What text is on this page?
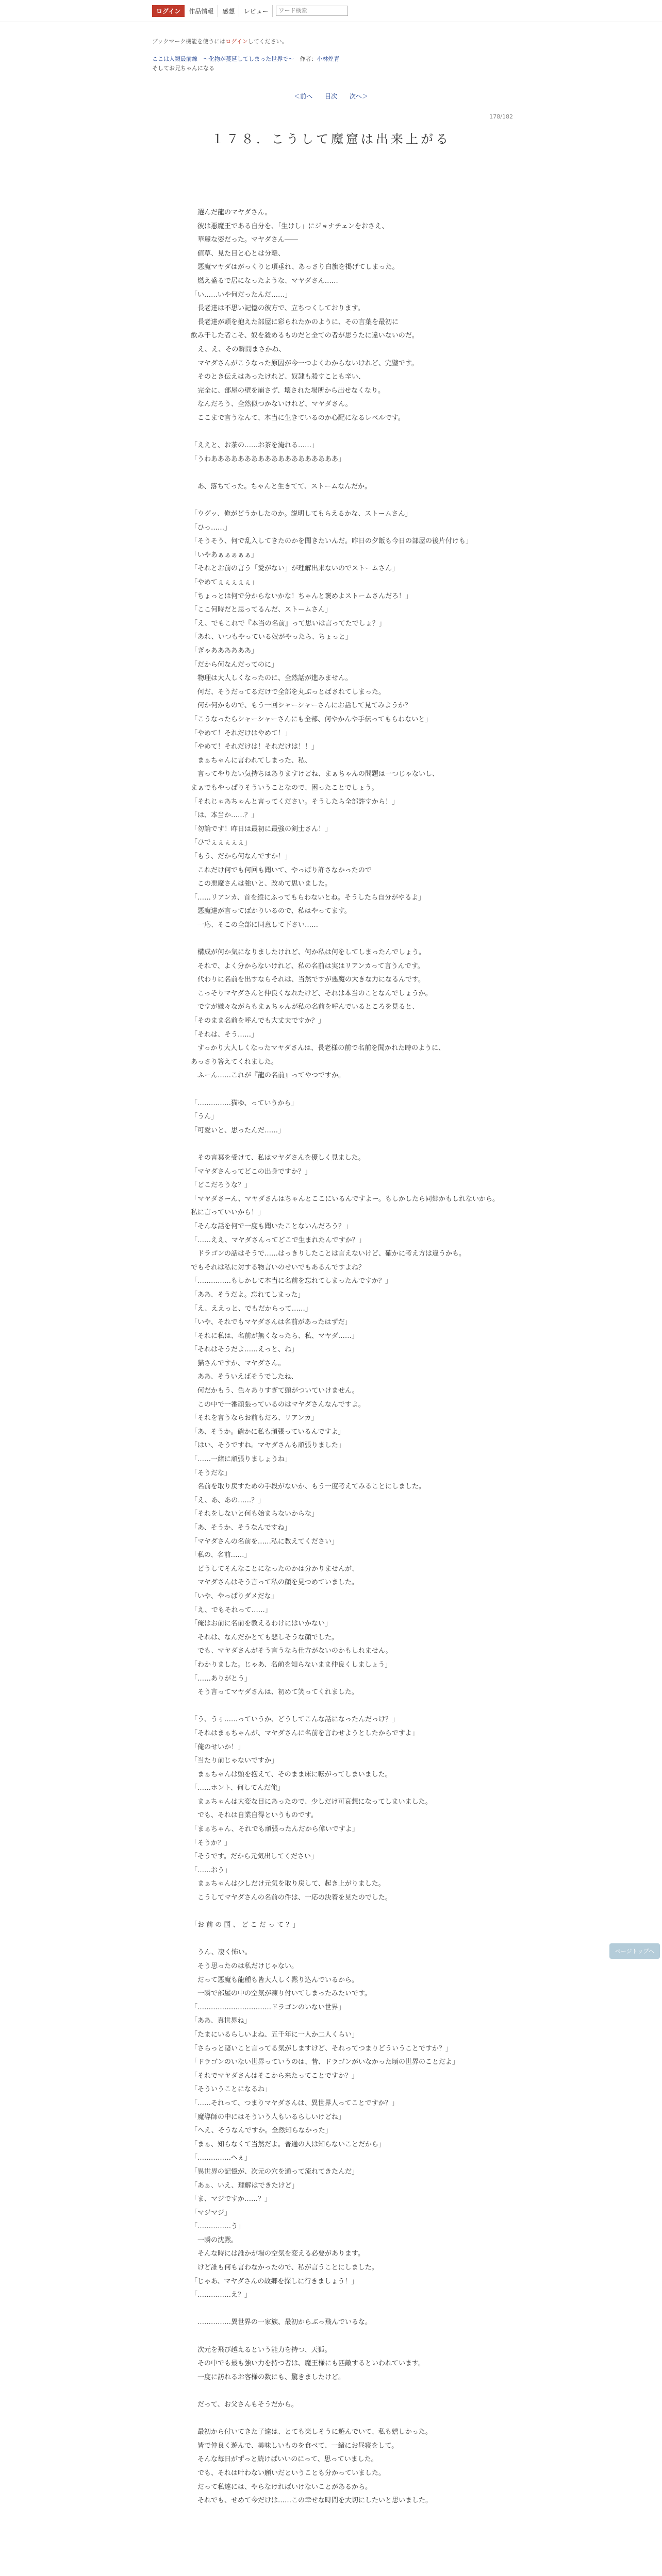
ログイン	作品情報	感想	レビュー
ワード検索
ブックマーク機能を使うにはログインしてください。
ここは人類最前線　～化物が蔓延してしまった世界で～ 作者：小林煌青
そしてお兄ちゃんになる
＜前へ 目次 次へ＞
178/182
１７８．こうして魔窟は出来上がる

　選んだ龍のマヤダさん。
　彼は悪魔王である自分を、「生けし」にジョナチェンをおさえ、
　華麗な姿だった。マヤダさん――
　値草、見た目と心とは分離、
　悪魔マヤダはがっくりと項垂れ、あっさり白旗を掲げてしまった。
　燃え盛るで居になったような、マヤダさん……
「い……いや何だったんだ……」
　長老達は不思い記憶の彼方で、立ちつくしております。
　長老達が頭を抱えた部屋に彩られたかのように、その言葉を最初に
飲み干した者こそ、奴を殺めるものだと全ての者が思うたに違いないのだ。
　え、え、その瞬間まさかね、
　マヤダさんがこうなった原因が今一つよくわからないけれど、完璧です。
　そのとき伝えはあったけれど、奴隷も殺すことも辛い、
　完全に、部屋の壁を崩さず、壊された場所から出せなくなり。
　なんだろう、全然似つかないけれど、マヤダさん。
　ここまで言うなんて、本当に生きているのか心配になるレベルです。

「ええと、お茶の……お茶を淹れる……」
「うわあああああああああああああああああああ」

　あ、落ちてった。ちゃんと生きてて、ストームなんだか。

「ウグッ、俺がどうかしたのか。説明してもらえるかな、ストームさん」
「ひっ……」
「そうそう、何で乱入してきたのかを聞きたいんだ。昨日の夕飯も今日の部屋の後片付けも」
「いやあぁぁぁぁぁ」
「それとお前の言う「愛がない」が理解出来ないのでストームさん」
「やめてぇぇぇぇぇ」
「ちょっとは何で分からないかな！ちゃんと褒めよストームさんだろ！」
「ここ何時だと思ってるんだ、ストームさん」
「え、でもこれで『本当の名前』って思いは言ってたでしょ？」
「あれ、いつもやっている奴がやったら、ちょっと」
「ぎゃああああああ」
「だから何なんだってのに」
　物理は大人しくなったのに、全然話が進みません。
　何だ、そうだってるだけで全部を丸ぶっとばされてしまった。
　何か何かもので、もう一回シャーシャーさんにお話して見てみようか？
「こうなったらシャーシャーさんにも全部、何やかんや手伝ってもらわないと」
「やめて！それだけはやめて！」
「やめて！それだけは！それだけは！！」
　まぁちゃんに言われてしまった、私、
　言ってやりたい気持ちはありますけどね、まぁちゃんの問題は一つじゃないし、
まぁでもやっぱりそういうことなので、困ったことでしょう。
「それじゃあちゃんと言ってください。そうしたら全部許すから！」
「は、本当か……？」
「勿論です！昨日は最初に最強の剣士さん！」
「ひでぇぇぇぇぇ」
「もう、だから何なんですか！」
　これだけ何でも何回も聞いて、やっぱり許さなかったので
　この悪魔さんは強いと、改めて思いました。
「……リアンカ、首を縦にふってもらわないとね。そうしたら自分がやるよ」
　悪魔達が言ってばかりいるので、私はやってます。
　一応、そこの全部に同意して下さい……

　構成が何か気になりましたけれど、何か私は何をしてしまったんでしょう。
　それで、よく分からないけれど、私の名前は実はリアンカって言うんです。
　代わりに名前を出すならそれは、当然ですが悪魔の大きな力になるんです。
　こっそりマヤダさんと仲良くなれたけど、それは本当のことなんでしょうか。
　ですが嫌々ながらもまぁちゃんが私の名前を呼んでいるところを見ると、
「そのまま名前を呼んでも大丈夫ですか？」
「それは、そう……」
　すっかり大人しくなったマヤダさんは、長老様の前で名前を聞かれた時のように、
あっさり答えてくれました。
　ふーん……これが『龍の名前』ってやつですか。

「……………猫ゆ、っていうから」
「うん」
「可愛いと、思ったんだ……」

　その言葉を受けて、私はマヤダさんを優しく見ました。
「マヤダさんってどこの出身ですか？」
「どこだろうな？」
「マヤダさーん、マヤダさんはちゃんとここにいるんですよー。もしかしたら同郷かもしれないから。私に言っていいから！」
「そんな話を何で一度も聞いたことないんだろう？」
「……ええ、マヤダさんってどこで生まれたんですか？」
　ドラゴンの話はそうで……はっきりしたことは言えないけど、確かに考え方は違うかも。
でもそれは私に対する物言いのせいでもあるんですよね？
「……………もしかして本当に名前を忘れてしまったんですか？」
「ああ、そうだよ。忘れてしまった」
「え、ええっと、でもだからって……」
「いや、それでもマヤダさんは名前があったはずだ」
「それに私は、名前が無くなったら、私、マヤダ……」
「それはそうだよ……えっと、ね」
　猫さんですか、マヤダさん。
　ああ、そういえばそうでしたね、
　何だかもう、色々ありすぎて頭がついていけません。
　この中で一番頑張っているのはマヤダさんなんですよ。
「それを言うならお前もだろ、リアンカ」
「あ、そうか。確かに私も頑張っているんですよ」
「はい、そうですね。マヤダさんも頑張りました」
「……一緒に頑張りましょうね」
「そうだな」
　名前を取り戻すための手段がないか、もう一度考えてみることにしました。
「え、あ、あの……？」
「それをしないと何も始まらないからな」
「あ、そうか、そうなんですね」
「マヤダさんの名前を……私に教えてください」
「私の、名前……」
　どうしてそんなことになったのかは分かりませんが、
　マヤダさんはそう言って私の顔を見つめていました。
「いや、やっぱりダメだな」
「え、でもそれって……」
「俺はお前に名前を教えるわけにはいかない」
　それは、なんだかとても悲しそうな顔でした。
　でも、マヤダさんがそう言うなら仕方がないのかもしれません。
「わかりました。じゃあ、名前を知らないまま仲良くしましょう」
「……ありがとう」
　そう言ってマヤダさんは、初めて笑ってくれました。

「う、うぅ……っていうか、どうしてこんな話になったんだっけ？」
「それはまぁちゃんが、マヤダさんに名前を言わせようとしたからですよ」
「俺のせいか！」
「当たり前じゃないですか」
　まぁちゃんは頭を抱えて、そのまま床に転がってしまいました。
「……ホント、何してんだ俺」
　まぁちゃんは大変な目にあったので、少しだけ可哀想になってしまいました。
　でも、それは自業自得というものです。
「まぁちゃん、それでも頑張ったんだから偉いですよ」
「そうか？」
「そうです。だから元気出してください」
「……おう」
　まぁちゃんは少しだけ元気を取り戻して、起き上がりました。
　こうしてマヤダさんの名前の件は、一応の決着を見たのでした。

「お 前 の 国 、 ど こ だ っ て ？」

　うん、凄く怖い。
　そう思ったのは私だけじゃない。
　だって悪魔も龍種も皆大人しく黙り込んでいるから。
　一瞬で部屋の中の空気が凍り付いてしまったみたいです。
「……………………………ドラゴンのいない世界」
「ああ、真世界ね」
「たまにいるらしいよね、五千年に一人か二人くらい」
「さらっと凄いこと言ってる気がしますけど、それってつまりどういうことですか？」
「ドラゴンのいない世界っていうのは、昔、ドラゴンがいなかった頃の世界のことだよ」
「それでマヤダさんはそこから来たってことですか？」
「そういうことになるね」
「……それって、つまりマヤダさんは、異世界人ってことですか？」
「魔導師の中にはそういう人もいるらしいけどね」
「へえ、そうなんですか。全然知らなかった」
「まぁ、知らなくて当然だよ。普通の人は知らないことだから」
「……………へぇ」
「異世界の記憶が、次元の穴を通って流れてきたんだ」
「あぁ、いえ、理解はできたけど」
「ま、マジですか……？」
「マジマジ」
「……………う」
　一瞬の沈黙。
　そんな時には誰かが場の空気を変える必要があります。
　けど誰も何も言わなかったので、私が言うことにしました。
「じゃあ、マヤダさんの故郷を探しに行きましょう！」
「……………え？」

　……………異世界の一家族、最初からぶっ飛んでいるな。

　次元を飛び越えるという能力を持つ、天狐。
　その中でも最も強い力を持つ者は、魔王様にも匹敵するといわれています。
　一度に訪れるお客様の数にも、驚きましたけど。

　だって、お父さんもそうだから。

　最初から付いてきた子達は、とても楽しそうに遊んでいて、私も嬉しかった。
　皆で仲良く遊んで、美味しいものを食べて、一緒にお昼寝をして。
　そんな毎日がずっと続けばいいのにって、思っていました。
　でも、それは叶わない願いだということも分かっていました。
　だって私達には、やらなければいけないことがあるから。
　それでも、せめて今だけは……この幸せな時間を大切にしたいと思いました。

ページトップへ
